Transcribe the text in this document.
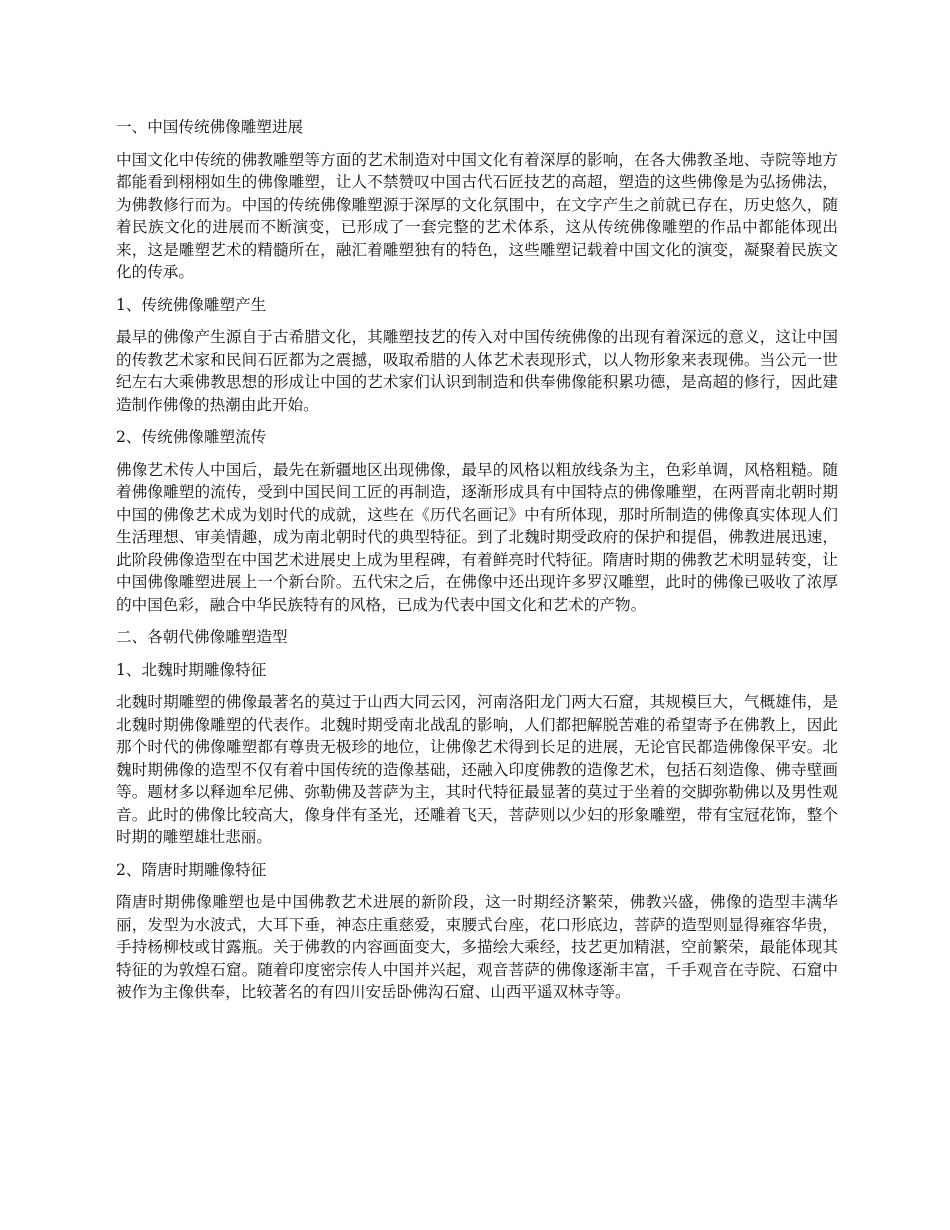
一、中国传统佛像雕塑进展

中国文化中传统的佛教雕塑等方面的艺术制造对中国文化有着深厚的影响，在各大佛教圣地、寺院等地方都能看到栩栩如生的佛像雕塑，让人不禁赞叹中国古代石匠技艺的高超，塑造的这些佛像是为弘扬佛法，为佛教修行而为。中国的传统佛像雕塑源于深厚的文化氛围中，在文字产生之前就已存在，历史悠久，随着民族文化的进展而不断演变，已形成了一套完整的艺术体系，这从传统佛像雕塑的作品中都能体现出来，这是雕塑艺术的精髓所在，融汇着雕塑独有的特色，这些雕塑记载着中国文化的演变，凝聚着民族文化的传承。

1、传统佛像雕塑产生

最早的佛像产生源自于古希腊文化，其雕塑技艺的传入对中国传统佛像的出现有着深远的意义，这让中国的传教艺术家和民间石匠都为之震撼，吸取希腊的人体艺术表现形式，以人物形象来表现佛。当公元一世纪左右大乘佛教思想的形成让中国的艺术家们认识到制造和供奉佛像能积累功德，是高超的修行，因此建造制作佛像的热潮由此开始。

2、传统佛像雕塑流传

佛像艺术传人中国后，最先在新疆地区出现佛像，最早的风格以粗放线条为主，色彩单调，风格粗糙。随着佛像雕塑的流传，受到中国民间工匠的再制造，逐渐形成具有中国特点的佛像雕塑，在两晋南北朝时期中国的佛像艺术成为划时代的成就，这些在《历代名画记》中有所体现，那时所制造的佛像真实体现人们生活理想、审美情趣，成为南北朝时代的典型特征。到了北魏时期受政府的保护和提倡，佛教进展迅速，此阶段佛像造型在中国艺术进展史上成为里程碑，有着鲜亮时代特征。隋唐时期的佛教艺术明显转变，让中国佛像雕塑进展上一个新台阶。五代宋之后，在佛像中还出现许多罗汉雕塑，此时的佛像已吸收了浓厚的中国色彩，融合中华民族特有的风格，已成为代表中国文化和艺术的产物。

二、各朝代佛像雕塑造型
1、北魏时期雕像特征

北魏时期雕塑的佛像最著名的莫过于山西大同云冈，河南洛阳龙门两大石窟，其规模巨大，气概雄伟，是北魏时期佛像雕塑的代表作。北魏时期受南北战乱的影响，人们都把解脱苦难的希望寄予在佛教上，因此那个时代的佛像雕塑都有尊贵无极珍的地位，让佛像艺术得到长足的进展，无论官民都造佛像保平安。北魏时期佛像的造型不仅有着中国传统的造像基础，还融入印度佛教的造像艺术，包括石刻造像、佛寺壁画等。题材多以释迦牟尼佛、弥勒佛及菩萨为主，其时代特征最显著的莫过于坐着的交脚弥勒佛以及男性观音。此时的佛像比较高大，像身伴有圣光，还雕着飞天，菩萨则以少妇的形象雕塑，带有宝冠花饰，整个时期的雕塑雄壮悲丽。

2、隋唐时期雕像特征

隋唐时期佛像雕塑也是中国佛教艺术进展的新阶段，这一时期经济繁荣，佛教兴盛，佛像的造型丰满华丽，发型为水波式，大耳下垂，神态庄重慈爱，束腰式台座，花口形底边，菩萨的造型则显得雍容华贵，手持杨柳枝或甘露瓶。关于佛教的内容画面变大，多描绘大乘经，技艺更加精湛，空前繁荣，最能体现其特征的为敦煌石窟。随着印度密宗传人中国并兴起，观音菩萨的佛像逐渐丰富，千手观音在寺院、石窟中被作为主像供奉，比较著名的有四川安岳卧佛沟石窟、山西平遥双林寺等。
